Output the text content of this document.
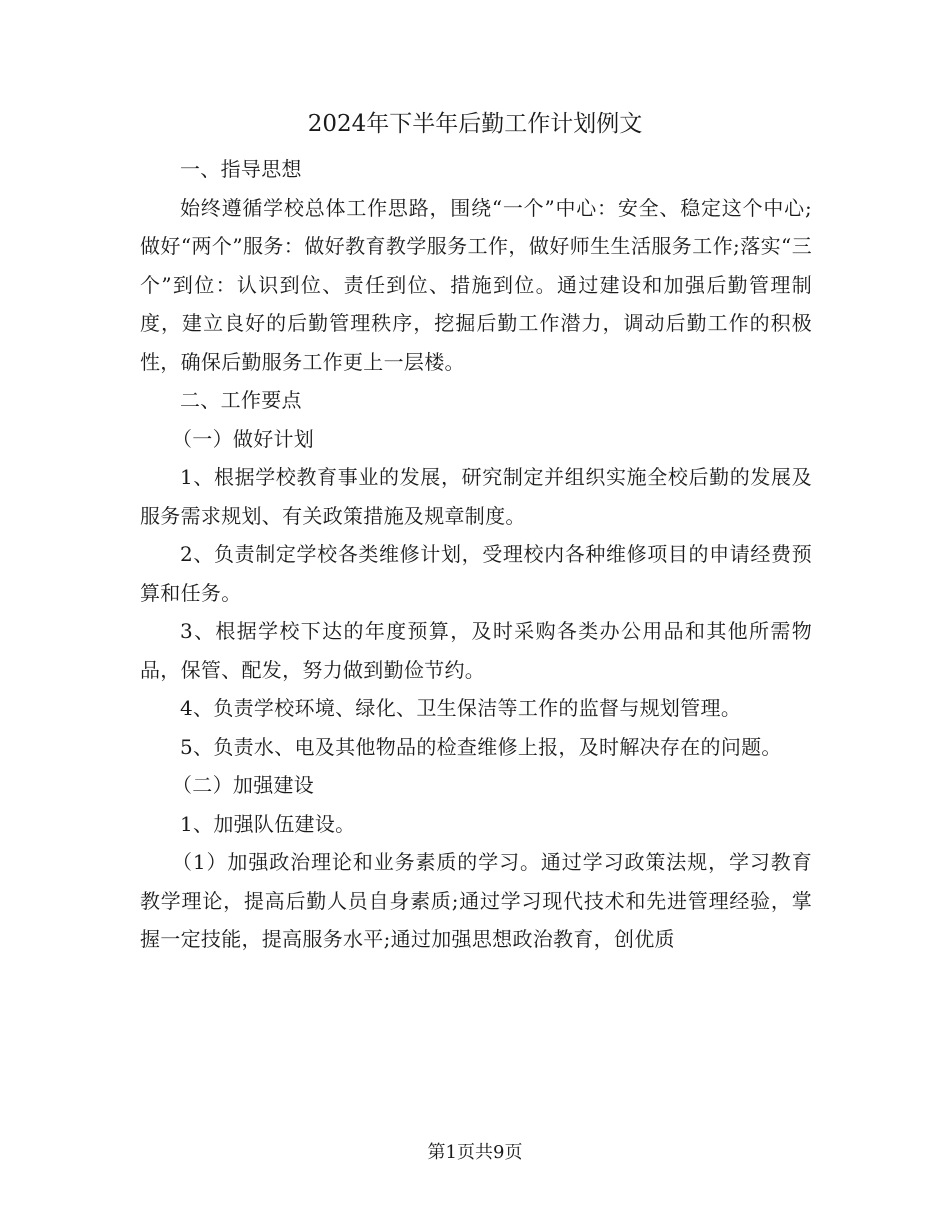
2024年下半年后勤工作计划例文

一、指导思想

始终遵循学校总体工作思路，围绕“一个”中心：安全、稳定这个中心;做好“两个”服务：做好教育教学服务工作，做好师生生活服务工作;落实“三个”到位：认识到位、责任到位、措施到位。通过建设和加强后勤管理制度，建立良好的后勤管理秩序，挖掘后勤工作潜力，调动后勤工作的积极性，确保后勤服务工作更上一层楼。

二、工作要点

（一）做好计划

1、根据学校教育事业的发展，研究制定并组织实施全校后勤的发展及服务需求规划、有关政策措施及规章制度。

2、负责制定学校各类维修计划，受理校内各种维修项目的申请经费预算和任务。

3、根据学校下达的年度预算，及时采购各类办公用品和其他所需物品，保管、配发，努力做到勤俭节约。

4、负责学校环境、绿化、卫生保洁等工作的监督与规划管理。

5、负责水、电及其他物品的检查维修上报，及时解决存在的问题。

（二）加强建设

1、加强队伍建设。

（1）加强政治理论和业务素质的学习。通过学习政策法规，学习教育教学理论，提高后勤人员自身素质;通过学习现代技术和先进管理经验，掌握一定技能，提高服务水平;通过加强思想政治教育，创优质

第1页共9页
